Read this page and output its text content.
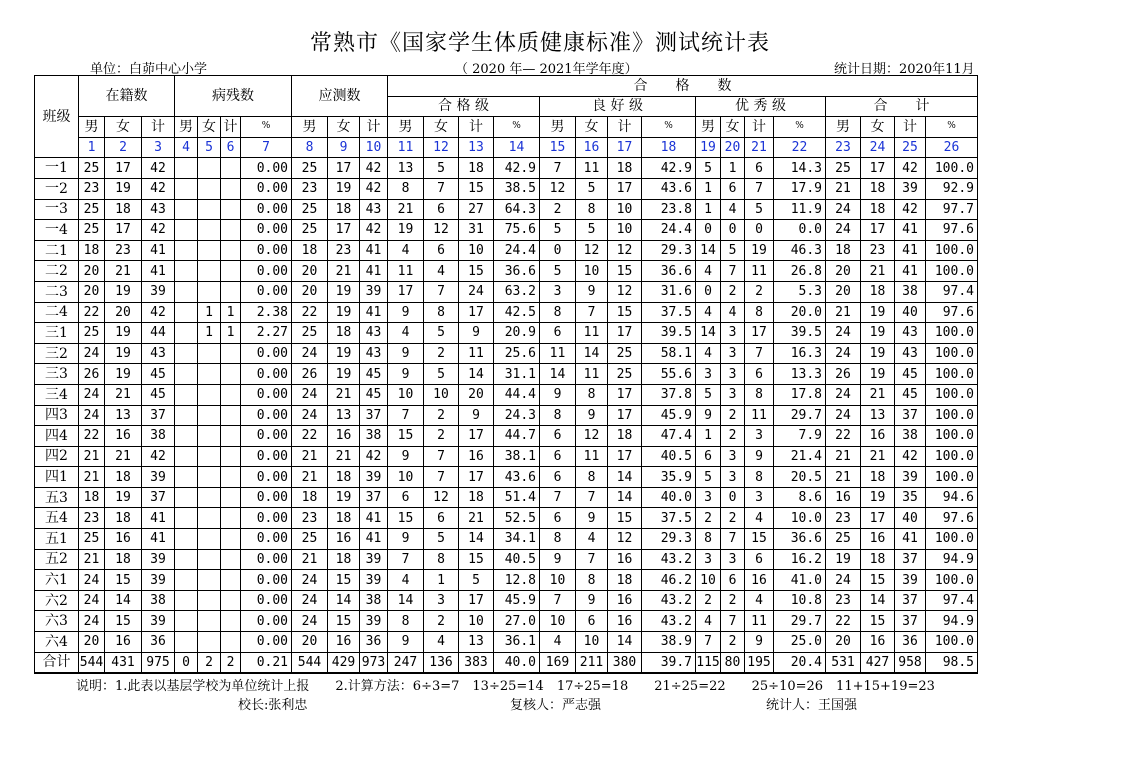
常熟市《国家学生体质健康标准》测试统计表
单位：白茆中心小学	（ 2020 年— 2021年学年度）	统计日期：2020年11月
班级	在籍数			病残数				应测数			合　　格　　数															
											合 格 级				良 好 级				优 秀 级				合　　计			
	男	女	计	男	女	计	%	男	女	计	男	女	计	%	男	女	计	%	男	女	计	%	男	女	计	%
	1	2	3	4	5	6	7	8	9	10	11	12	13	14	15	16	17	18	19	20	21	22	23	24	25	26
一1	25	17	42				0.00	25	17	42	13	5	18	42.9	7	11	18	42.9	5	1	6	14.3	25	17	42	100.0
一2	23	19	42				0.00	23	19	42	8	7	15	38.5	12	5	17	43.6	1	6	7	17.9	21	18	39	92.9
一3	25	18	43				0.00	25	18	43	21	6	27	64.3	2	8	10	23.8	1	4	5	11.9	24	18	42	97.7
一4	25	17	42				0.00	25	17	42	19	12	31	75.6	5	5	10	24.4	0	0	0	0.0	24	17	41	97.6
二1	18	23	41				0.00	18	23	41	4	6	10	24.4	0	12	12	29.3	14	5	19	46.3	18	23	41	100.0
二2	20	21	41				0.00	20	21	41	11	4	15	36.6	5	10	15	36.6	4	7	11	26.8	20	21	41	100.0
二3	20	19	39				0.00	20	19	39	17	7	24	63.2	3	9	12	31.6	0	2	2	5.3	20	18	38	97.4
二4	22	20	42		1	1	2.38	22	19	41	9	8	17	42.5	8	7	15	37.5	4	4	8	20.0	21	19	40	97.6
三1	25	19	44		1	1	2.27	25	18	43	4	5	9	20.9	6	11	17	39.5	14	3	17	39.5	24	19	43	100.0
三2	24	19	43				0.00	24	19	43	9	2	11	25.6	11	14	25	58.1	4	3	7	16.3	24	19	43	100.0
三3	26	19	45				0.00	26	19	45	9	5	14	31.1	14	11	25	55.6	3	3	6	13.3	26	19	45	100.0
三4	24	21	45				0.00	24	21	45	10	10	20	44.4	9	8	17	37.8	5	3	8	17.8	24	21	45	100.0
四3	24	13	37				0.00	24	13	37	7	2	9	24.3	8	9	17	45.9	9	2	11	29.7	24	13	37	100.0
四4	22	16	38				0.00	22	16	38	15	2	17	44.7	6	12	18	47.4	1	2	3	7.9	22	16	38	100.0
四2	21	21	42				0.00	21	21	42	9	7	16	38.1	6	11	17	40.5	6	3	9	21.4	21	21	42	100.0
四1	21	18	39				0.00	21	18	39	10	7	17	43.6	6	8	14	35.9	5	3	8	20.5	21	18	39	100.0
五3	18	19	37				0.00	18	19	37	6	12	18	51.4	7	7	14	40.0	3	0	3	8.6	16	19	35	94.6
五4	23	18	41				0.00	23	18	41	15	6	21	52.5	6	9	15	37.5	2	2	4	10.0	23	17	40	97.6
五1	25	16	41				0.00	25	16	41	9	5	14	34.1	8	4	12	29.3	8	7	15	36.6	25	16	41	100.0
五2	21	18	39				0.00	21	18	39	7	8	15	40.5	9	7	16	43.2	3	3	6	16.2	19	18	37	94.9
六1	24	15	39				0.00	24	15	39	4	1	5	12.8	10	8	18	46.2	10	6	16	41.0	24	15	39	100.0
六2	24	14	38				0.00	24	14	38	14	3	17	45.9	7	9	16	43.2	2	2	4	10.8	23	14	37	97.4
六3	24	15	39				0.00	24	15	39	8	2	10	27.0	10	6	16	43.2	4	7	11	29.7	22	15	37	94.9
六4	20	16	36				0.00	20	16	36	9	4	13	36.1	4	10	14	38.9	7	2	9	25.0	20	16	36	100.0
合计	544	431	975	0	2	2	0.21	544	429	973	247	136	383	40.0	169	211	380	39.7	115	80	195	20.4	531	427	958	98.5
说明：1.此表以基层学校为单位统计上报　　2.计算方法：6÷3=7　13÷25=14　17÷25=18　　21÷25=22　　25÷10=26　11+15+19=23
校长:张利忠	复核人：严志强	统计人：王国强
